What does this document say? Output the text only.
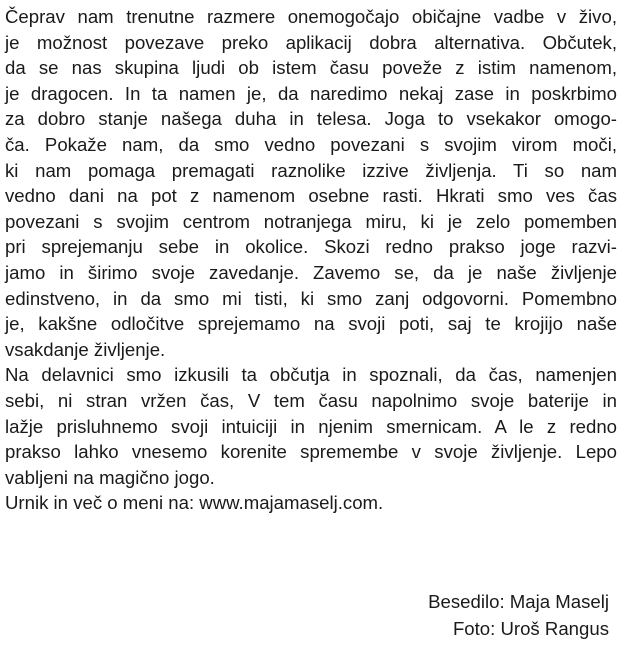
Čeprav nam trenutne razmere onemogočajo običajne vadbe v živo,
je možnost povezave preko aplikacij dobra alternativa. Občutek,
da se nas skupina ljudi ob istem času poveže z istim namenom,
je dragocen. In ta namen je, da naredimo nekaj zase in poskrbimo
za dobro stanje našega duha in telesa. Joga to vsekakor omogo-
ča. Pokaže nam, da smo vedno povezani s svojim virom moči,
ki nam pomaga premagati raznolike izzive življenja. Ti so nam
vedno dani na pot z namenom osebne rasti. Hkrati smo ves čas
povezani s svojim centrom notranjega miru, ki je zelo pomemben
pri sprejemanju sebe in okolice. Skozi redno prakso joge razvi-
jamo in širimo svoje zavedanje. Zavemo se, da je naše življenje
edinstveno, in da smo mi tisti, ki smo zanj odgovorni. Pomembno
je, kakšne odločitve sprejemamo na svoji poti, saj te krojijo naše
vsakdanje življenje.
Na delavnici smo izkusili ta občutja in spoznali, da čas, namenjen
sebi, ni stran vržen čas, V tem času napolnimo svoje baterije in
lažje prisluhnemo svoji intuiciji in njenim smernicam. A le z redno
prakso lahko vnesemo korenite spremembe v svoje življenje. Lepo
vabljeni na magično jogo.
Urnik in več o meni na: www.majamaselj.com.
Besedilo: Maja Maselj
Foto: Uroš Rangus
